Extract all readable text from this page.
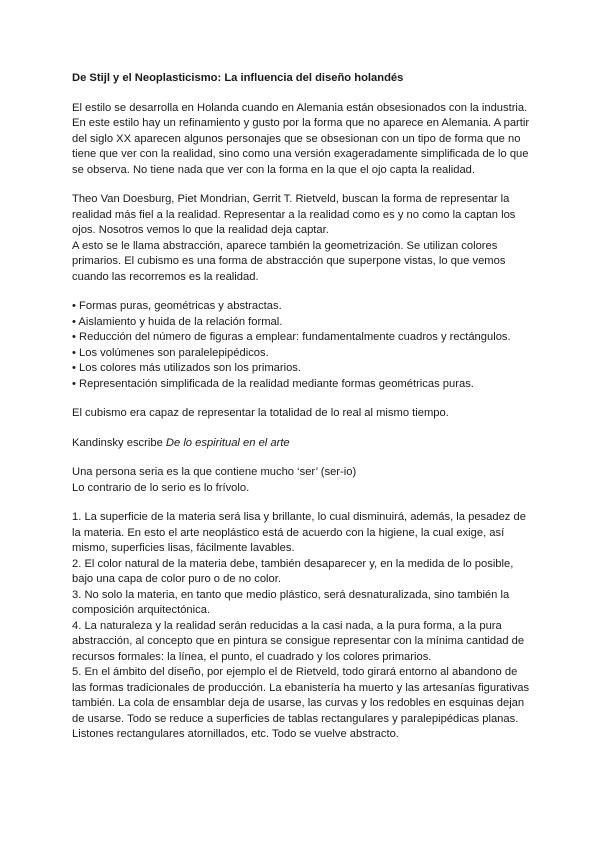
De Stijl y el Neoplasticismo: La influencia del diseño holandés
El estilo se desarrolla en Holanda cuando en Alemania están obsesionados con la industria.
En este estilo hay un refinamiento y gusto por la forma que no aparece en Alemania. A partir
del siglo XX aparecen algunos personajes que se obsesionan con un tipo de forma que no
tiene que ver con la realidad, sino como una versión exageradamente simplificada de lo que
se observa. No tiene nada que ver con la forma en la que el ojo capta la realidad.
Theo Van Doesburg, Piet Mondrian, Gerrit T. Rietveld, buscan la forma de representar la
realidad más fiel a la realidad. Representar a la realidad como es y no como la captan los
ojos. Nosotros vemos lo que la realidad deja captar.
A esto se le llama abstracción, aparece también la geometrización. Se utilizan colores
primarios. El cubismo es una forma de abstracción que superpone vistas, lo que vemos
cuando las recorremos es la realidad.
• Formas puras, geométricas y abstractas.
• Aislamiento y huida de la relación formal.
• Reducción del número de figuras a emplear: fundamentalmente cuadros y rectángulos.
• Los volúmenes son paralelepipédicos.
• Los colores más utilizados son los primarios.
• Representación simplificada de la realidad mediante formas geométricas puras.
El cubismo era capaz de representar la totalidad de lo real al mismo tiempo.
Kandinsky escribe De lo espiritual en el arte
Una persona seria es la que contiene mucho ‘ser’ (ser-io)
Lo contrario de lo serio es lo frívolo.
1. La superficie de la materia será lisa y brillante, lo cual disminuirá, además, la pesadez de
la materia. En esto el arte neoplástico está de acuerdo con la higiene, la cual exige, así
mismo, superficies lisas, fácilmente lavables.
2. El color natural de la materia debe, también desaparecer y, en la medida de lo posible,
bajo una capa de color puro o de no color.
3. No solo la materia, en tanto que medio plástico, será desnaturalizada, sino también la
composición arquitectónica.
4. La naturaleza y la realidad serán reducidas a la casi nada, a la pura forma, a la pura
abstracción, al concepto que en pintura se consigue representar con la mínima cantidad de
recursos formales: la línea, el punto, el cuadrado y los colores primarios.
5. En el ámbito del diseño, por ejemplo el de Rietveld, todo girará entorno al abandono de
las formas tradicionales de producción. La ebanistería ha muerto y las artesanías figurativas
también. La cola de ensamblar deja de usarse, las curvas y los redobles en esquinas dejan
de usarse. Todo se reduce a superficies de tablas rectangulares y paralepipédicas planas.
Listones rectangulares atornillados, etc. Todo se vuelve abstracto.
